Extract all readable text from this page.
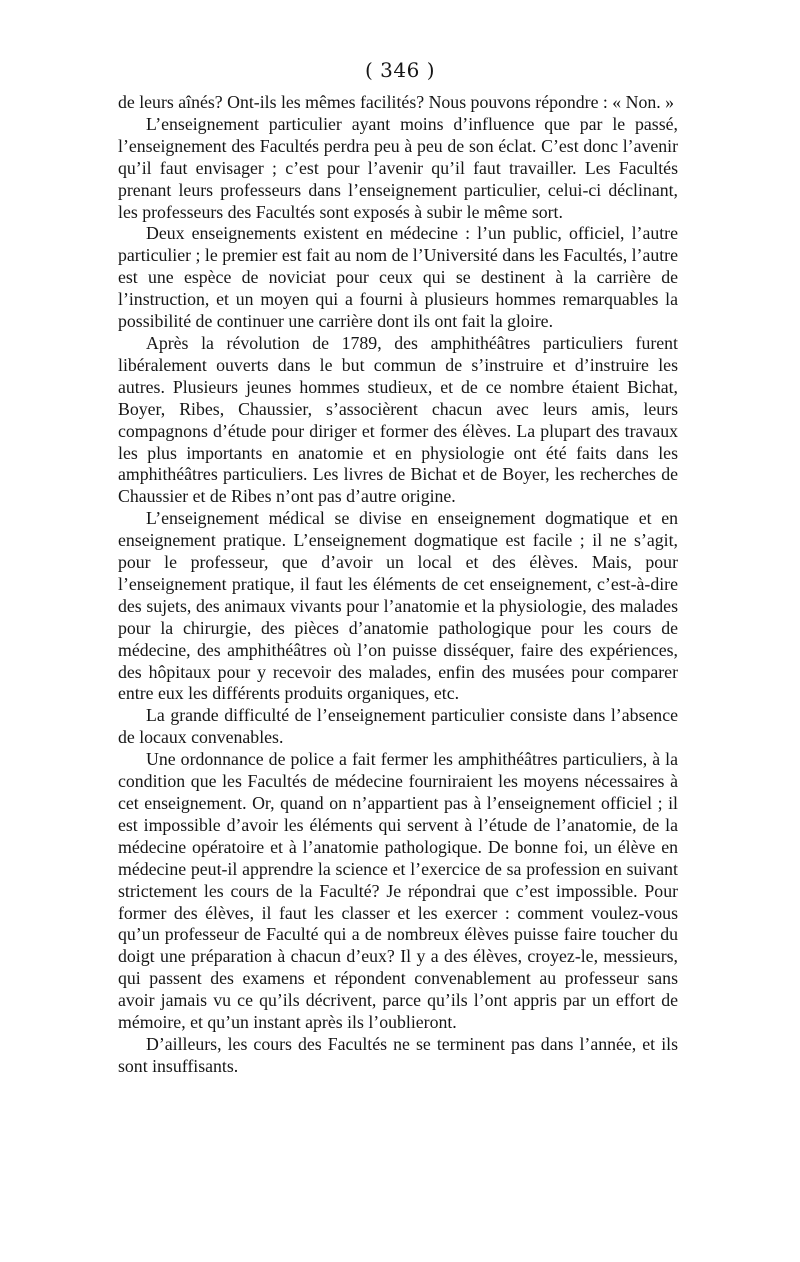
( 346 )

de leurs aînés? Ont-ils les mêmes facilités? Nous pouvons répondre : « Non. »

L’enseignement particulier ayant moins d’influence que par le passé, l’enseignement des Facultés perdra peu à peu de son éclat. C’est donc l’avenir qu’il faut envisager ; c’est pour l’avenir qu’il faut travailler. Les Facultés prenant leurs professeurs dans l’enseignement particulier, celui-ci déclinant, les professeurs des Facultés sont exposés à subir le même sort.

Deux enseignements existent en médecine : l’un public, officiel, l’autre particulier ; le premier est fait au nom de l’Université dans les Facultés, l’autre est une espèce de noviciat pour ceux qui se destinent à la carrière de l’instruction, et un moyen qui a fourni à plusieurs hommes remarquables la possibilité de continuer une carrière dont ils ont fait la gloire.

Après la révolution de 1789, des amphithéâtres particuliers furent libéralement ouverts dans le but commun de s’instruire et d’instruire les autres. Plusieurs jeunes hommes studieux, et de ce nombre étaient Bichat, Boyer, Ribes, Chaussier, s’associèrent chacun avec leurs amis, leurs compagnons d’étude pour diriger et former des élèves. La plupart des travaux les plus importants en anatomie et en physiologie ont été faits dans les amphithéâtres particuliers. Les livres de Bichat et de Boyer, les recherches de Chaussier et de Ribes n’ont pas d’autre origine.

L’enseignement médical se divise en enseignement dogmatique et en enseignement pratique. L’enseignement dogmatique est facile ; il ne s’agit, pour le professeur, que d’avoir un local et des élèves. Mais, pour l’enseignement pratique, il faut les éléments de cet enseignement, c’est-à-dire des sujets, des animaux vivants pour l’anatomie et la physiologie, des malades pour la chirurgie, des pièces d’anatomie pathologique pour les cours de médecine, des amphithéâtres où l’on puisse disséquer, faire des expériences, des hôpitaux pour y recevoir des malades, enfin des musées pour comparer entre eux les différents produits organiques, etc.

La grande difficulté de l’enseignement particulier consiste dans l’absence de locaux convenables.

Une ordonnance de police a fait fermer les amphithéâtres particuliers, à la condition que les Facultés de médecine fourniraient les moyens nécessaires à cet enseignement. Or, quand on n’appartient pas à l’enseignement officiel ; il est impossible d’avoir les éléments qui servent à l’étude de l’anatomie, de la médecine opératoire et à l’anatomie pathologique. De bonne foi, un élève en médecine peut-il apprendre la science et l’exercice de sa profession en suivant strictement les cours de la Faculté? Je répondrai que c’est impossible. Pour former des élèves, il faut les classer et les exercer : comment voulez-vous qu’un professeur de Faculté qui a de nombreux élèves puisse faire toucher du doigt une préparation à chacun d’eux? Il y a des élèves, croyez-le, messieurs, qui passent des examens et répondent convenablement au professeur sans avoir jamais vu ce qu’ils décrivent, parce qu’ils l’ont appris par un effort de mémoire, et qu’un instant après ils l’oublieront.

D’ailleurs, les cours des Facultés ne se terminent pas dans l’année, et ils sont insuffisants.
